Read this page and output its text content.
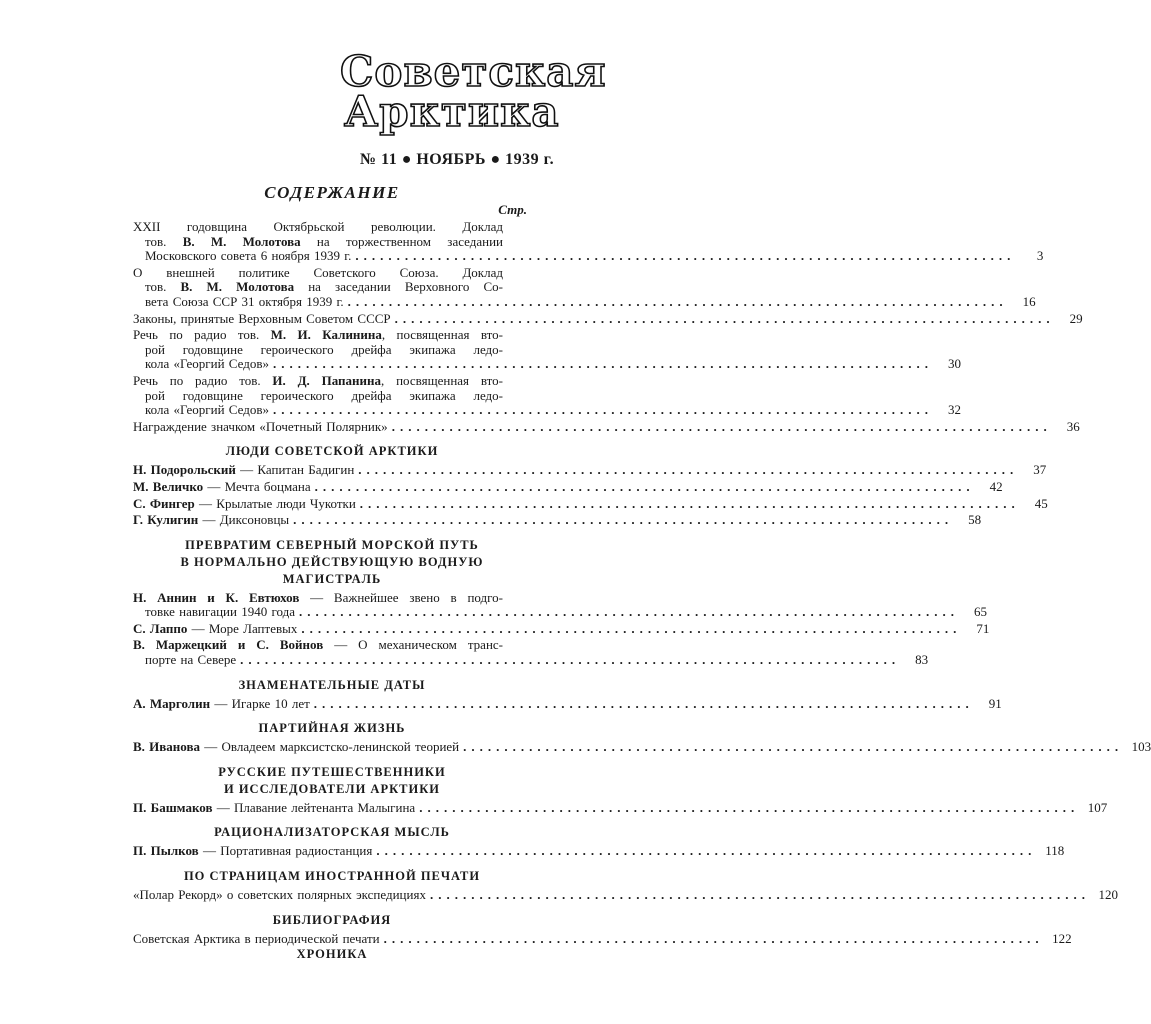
Советская
Арктика
№ 11 ● НОЯБРЬ ● 1939 г.
СОДЕРЖАНИЕ
Стр.
XXII годовщина Октябрьской революции. Доклад
тов. В. М. Молотова на торжественном заседании
Московского совета 6 ноября 1939 г. ................................................................................	3
О внешней политике Советского Союза. Доклад
тов. В. М. Молотова на заседании Верховного Со-
вета Союза ССР 31 октября 1939 г. ................................................................................	16
Законы, принятые Верховным Советом СССР ................................................................................	29
Речь по радио тов. М. И. Калинина, посвященная вто-
рой годовщине героического дрейфа экипажа ледо-
кола «Георгий Седов» ................................................................................	30
Речь по радио тов. И. Д. Папанина, посвященная вто-
рой годовщине героического дрейфа экипажа ледо-
кола «Георгий Седов» ................................................................................	32
Награждение значком «Почетный Полярник» ................................................................................	36
ЛЮДИ СОВЕТСКОЙ АРКТИКИ
Н. Подорольский — Капитан Бадигин ................................................................................	37
М. Величко — Мечта боцмана ................................................................................	42
С. Фингер — Крылатые люди Чукотки ................................................................................	45
Г. Кулигин — Диксоновцы ................................................................................	58
ПРЕВРАТИМ СЕВЕРНЫЙ МОРСКОЙ ПУТЬ
В НОРМАЛЬНО ДЕЙСТВУЮЩУЮ ВОДНУЮ
МАГИСТРАЛЬ
Н. Аннин и К. Евтюхов — Важнейшее звено в подго-
товке навигации 1940 года ................................................................................	65
С. Лаппо — Море Лаптевых ................................................................................	71
В. Маржецкий и С. Войнов — О механическом транс-
порте на Севере ................................................................................	83
ЗНАМЕНАТЕЛЬНЫЕ ДАТЫ
А. Марголин — Игарке 10 лет ................................................................................	91
ПАРТИЙНАЯ ЖИЗНЬ
В. Иванова — Овладеем марксистско-ленинской теорией ................................................................................ 103
РУССКИЕ ПУТЕШЕСТВЕННИКИ
И ИССЛЕДОВАТЕЛИ АРКТИКИ
П. Башмаков — Плавание лейтенанта Малыгина ................................................................................ 107
РАЦИОНАЛИЗАТОРСКАЯ МЫСЛЬ
П. Пылков — Портативная радиостанция ................................................................................ 118
ПО СТРАНИЦАМ ИНОСТРАННОЙ ПЕЧАТИ
«Полар Рекорд» о советских полярных экспедициях ................................................................................ 120
БИБЛИОГРАФИЯ
Советская Арктика в периодической печати ................................................................................ 122
ХРОНИКА
